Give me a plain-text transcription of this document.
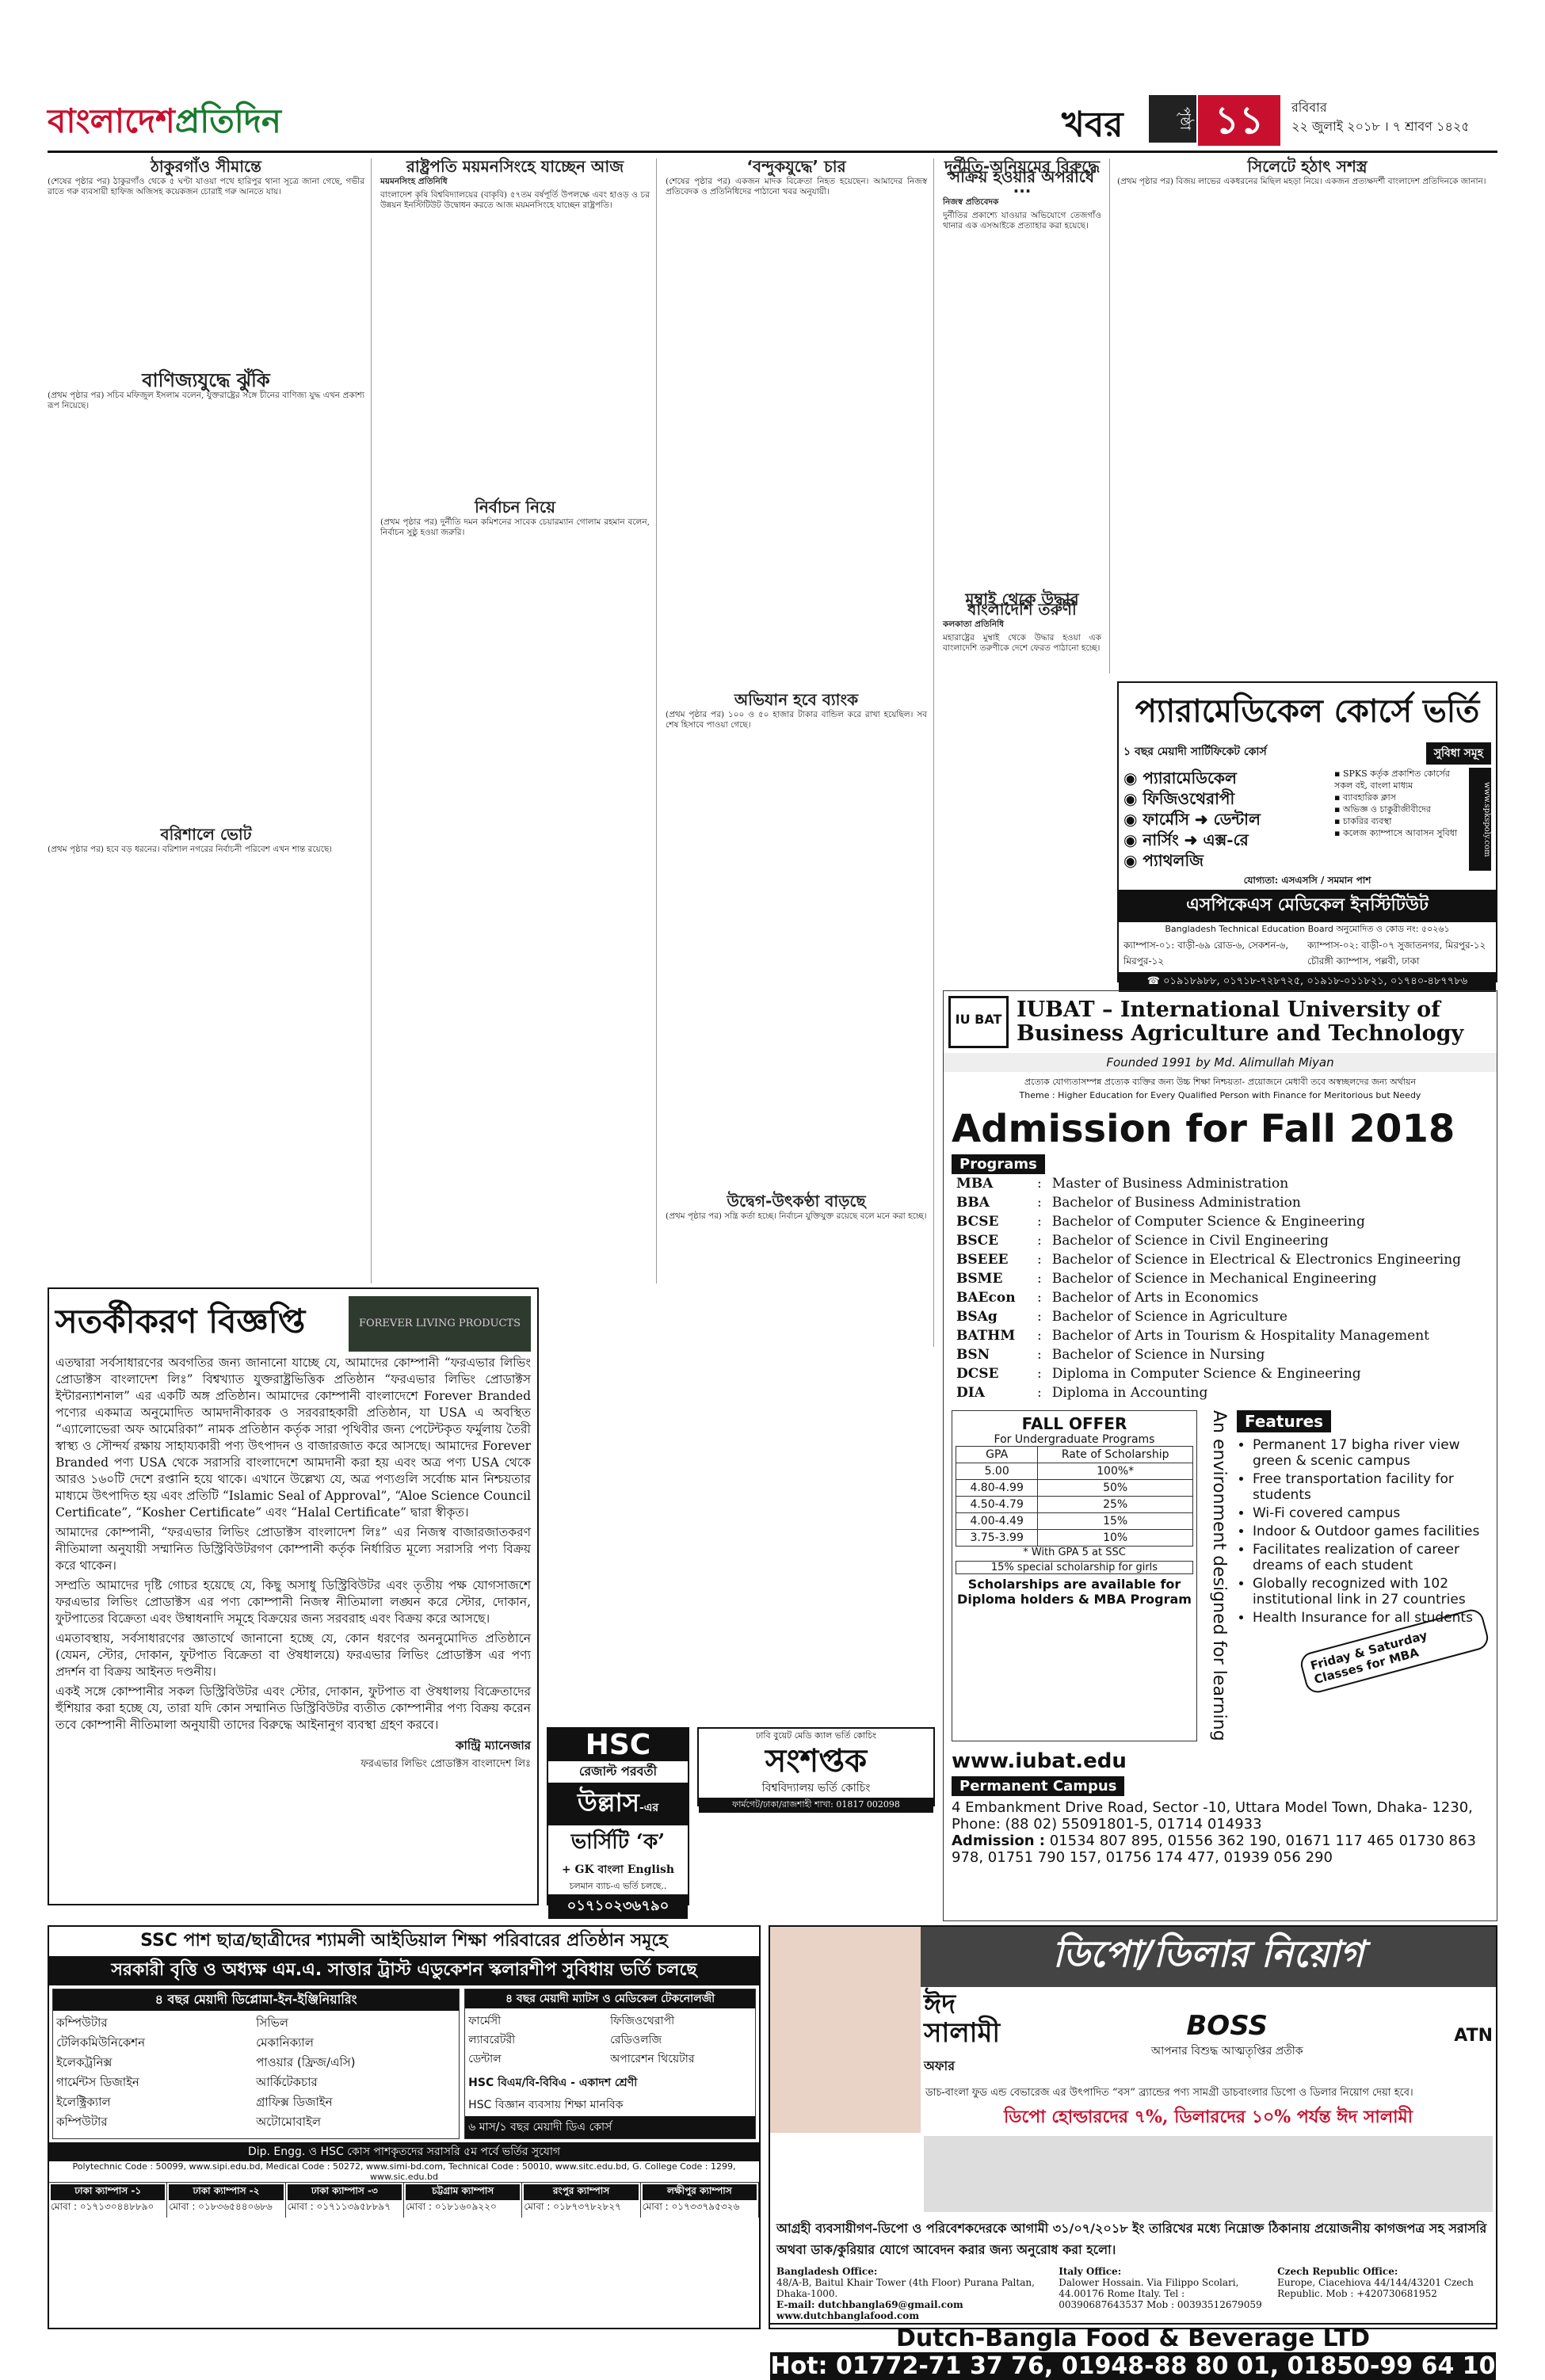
বাংলাদেশপ্রতিদিন	খবর	পৃষ্ঠা ১১	রবিবার
২২ জুলাই ২০১৮ । ৭ শ্রাবণ ১৪২৫
ঠাকুরগাঁও সীমান্তে

(শেষের পৃষ্ঠার পর) ঠাকুরগাঁও থেকে ৫ ঘণ্টা যাওয়া পথে হারিপুর থানা সূত্রে জানা গেছে, গভীর রাতে গরু ব্যবসায়ী হাফিজ অজিসহ কয়েকজন চোরাই গরু আনতে যায়।

বাণিজ্যযুদ্ধে ঝুঁকি

(প্রথম পৃষ্ঠার পর) সচিব মফিজুল ইসলাম বলেন, যুক্তরাষ্ট্রের সঙ্গে চীনের বাণিজ্য যুদ্ধ এখন প্রকাশ্য রূপ নিয়েছে।

বরিশালে ভোট

(প্রথম পৃষ্ঠার পর) হবে বড় ধরনের। বরিশাল নগরের নির্বাচনী পরিবেশ এখন শান্ত রয়েছে।

রাষ্ট্রপতি ময়মনসিংহে যাচ্ছেন আজ

ময়মনসিংহ প্রতিনিধি

বাংলাদেশ কৃষি বিশ্ববিদ্যালয়ের (বাকৃবি) ৫৭তম বর্ষপূর্তি উপলক্ষে এবং হাওড় ও চর উন্নয়ন ইনস্টিটিউট উদ্বোধন করতে আজ ময়মনসিংহে যাচ্ছেন রাষ্ট্রপতি।

নির্বাচন নিয়ে

(প্রথম পৃষ্ঠার পর) দুর্নীতি দমন কমিশনের সাবেক চেয়ারম্যান গোলাম রহমান বলেন, নির্বাচন সুষ্ঠু হওয়া জরুরি।

‘বন্দুকযুদ্ধে’ চার

(শেষের পৃষ্ঠার পর) একজন মাদক বিক্রেতা নিহত হয়েছেন। আমাদের নিজস্ব প্রতিবেদক ও প্রতিনিধিদের পাঠানো খবর অনুযায়ী।

অভিযান হবে ব্যাংক

(প্রথম পৃষ্ঠার পর) ১০০ ও ৫০ হাজার টাকার বান্ডিল করে রাখা হয়েছিল। সব শেষ হিসাবে পাওয়া গেছে।

উদ্বেগ-উৎকণ্ঠা বাড়ছে

(প্রথম পৃষ্ঠার পর) সন্ত্রি কর্তা হচ্ছে। নির্বাচন যুক্তিযুক্ত রয়েছে বলে মনে করা হচ্ছে।

দুর্নীতি-অনিয়মের বিরুদ্ধে সক্রিয় হওয়ার অপরাধে ...

নিজস্ব প্রতিবেদক

দুর্নীতির প্রকাশ্যে যাওয়ার অভিযোগে তেজগাঁও থানার এক এসআইকে প্রত্যাহার করা হয়েছে।

মুম্বাই থেকে উদ্ধার বাংলাদেশি তরুণী

কলকাতা প্রতিনিধি

মহারাষ্ট্রের মুম্বাই থেকে উদ্ধার হওয়া এক বাংলাদেশি তরুণীকে দেশে ফেরত পাঠানো হচ্ছে।

সিলেটে হঠাৎ সশস্ত্র

(প্রথম পৃষ্ঠার পর) বিজয় লাভের একধরনের মিছিল মহড়া নিয়ে। একজন প্রত্যক্ষদর্শী বাংলাদেশ প্রতিদিনকে জানান।

প্যারামেডিকেল কোর্সে ভর্তি
১ বছর মেয়াদী সার্টিফিকেট কোর্স	সুবিধা সমূহ
◉ প্যারামেডিকেল
◉ ফিজিওথেরাপী
◉ ফার্মেসি ➜ ডেন্টাল
◉ নার্সিং ➜ এক্স-রে
◉ প্যাথলজি
▪ SPKS কর্তৃক প্রকাশিত কোর্সের সকল বই, বাংলা মাধ্যম
▪ ব্যাবহারিক ক্লাস
▪ অভিজ্ঞ ও চাকুরীজীবীদের
▪ চাকরির ব্যবস্থা
▪ কলেজ ক্যাম্পাসে আবাসন সুবিধা	www.spkspoly.com
যোগ্যতা: এসএসসি / সমমান পাশ
এসপিকেএস মেডিকেল ইনস্টিটিউট
Bangladesh Technical Education Board অনুমোদিত ও কোড নং: ৫০২৬১
ক্যাম্পাস-০১: বাড়ী-৬৯ রোড-৬, সেকশন-৬, মিরপুর-১২
ক্যাম্পাস-০২: বাড়ী-০৭ সুজাতনগর, মিরপুর-১২ চৌরঙ্গী ক্যাম্পাস, পল্লবী, ঢাকা
☎ ০১৯১৮৯৮৮, ০১৭১৮-৭২৮৭২৫, ০১৯১৮-০১১৮২১, ০১৭৪০-৪৮৭৭৮৬
IU BAT IUBAT – International University of Business Agriculture and Technology
Founded 1991 by Md. Alimullah Miyan
প্রত্যেক যোগ্যতাসম্পন্ন প্রত্যেক ব্যক্তির জন্য উচ্চ শিক্ষা নিশ্চয়তা- প্রয়োজনে মেধাবী তবে অস্বচ্ছলদের জন্য অর্থায়ন
Theme : Higher Education for Every Qualified Person with Finance for Meritorious but Needy
Admission for Fall 2018
Programs
MBA	:	Master of Business Administration
BBA	:	Bachelor of Business Administration
BCSE	:	Bachelor of Computer Science & Engineering
BSCE	:	Bachelor of Science in Civil Engineering
BSEEE	:	Bachelor of Science in Electrical & Electronics Engineering
BSME	:	Bachelor of Science in Mechanical Engineering
BAEcon	:	Bachelor of Arts in Economics
BSAg	:	Bachelor of Science in Agriculture
BATHM	:	Bachelor of Arts in Tourism & Hospitality Management
BSN	:	Bachelor of Science in Nursing
DCSE	:	Diploma in Computer Science & Engineering
DIA	:	Diploma in Accounting
FALL OFFER
For Undergraduate Programs
GPA	Rate of Scholarship
5.00	100%*
4.80-4.99	50%
4.50-4.79	25%
4.00-4.49	15%
3.75-3.99	10%
* With GPA 5 at SSC
15% special scholarship for girls
Scholarships are available for Diploma holders & MBA Program An environment designed for learning	Features
• Permanent 17 bigha river view green & scenic campus
• Free transportation facility for students
• Wi-Fi covered campus
• Indoor & Outdoor games facilities
• Facilitates realization of career dreams of each student
• Globally recognized with 102 institutional link in 27 countries
• Health Insurance for all students
Friday & Saturday Classes for MBA
www.iubat.edu
Permanent Campus
4 Embankment Drive Road, Sector -10, Uttara Model Town, Dhaka- 1230, Phone: (88 02) 55091801-5, 01714 014933
Admission : 01534 807 895, 01556 362 190, 01671 117 465 01730 863 978, 01751 790 157, 01756 174 477, 01939 056 290
সতর্কীকরণ বিজ্ঞপ্তি	FOREVER LIVING PRODUCTS

এতদ্বারা সর্বসাধারণের অবগতির জন্য জানানো যাচ্ছে যে, আমাদের কোম্পানী “ফরএভার লিভিং প্রোডাক্টস বাংলাদেশ লিঃ” বিশ্বখ্যাত যুক্তরাষ্ট্রভিত্তিক প্রতিষ্ঠান “ফরএভার লিভিং প্রোডাক্টস ইন্টারন্যাশনাল” এর একটি অঙ্গ প্রতিষ্ঠান। আমাদের কোম্পানী বাংলাদেশে Forever Branded পণ্যের একমাত্র অনুমোদিত আমদানীকারক ও সরবরাহকারী প্রতিষ্ঠান, যা USA এ অবস্থিত “এ্যালোভেরা অফ আমেরিকা” নামক প্রতিষ্ঠান কর্তৃক সারা পৃথিবীর জন্য পেটেন্টকৃত ফর্মুলায় তৈরী স্বাস্থ্য ও সৌন্দর্য রক্ষায় সাহায্যকারী পণ্য উৎপাদন ও বাজারজাত করে আসছে। আমাদের Forever Branded পণ্য USA থেকে সরাসরি বাংলাদেশে আমদানী করা হয় এবং অত্র পণ্য USA থেকে আরও ১৬০টি দেশে রপ্তানি হয়ে থাকে। এখানে উল্লেখ্য যে, অত্র পণ্যগুলি সর্বোচ্চ মান নিশ্চয়তার মাধ্যমে উৎপাদিত হয় এবং প্রতিটি “Islamic Seal of Approval”, “Aloe Science Council Certificate”, “Kosher Certificate” এবং “Halal Certificate” দ্বারা স্বীকৃত।

আমাদের কোম্পানী, “ফরএভার লিভিং প্রোডাক্টস বাংলাদেশ লিঃ” এর নিজস্ব বাজারজাতকরণ নীতিমালা অনুযায়ী সম্মানিত ডিস্ট্রিবিউটরগণ কোম্পানী কর্তৃক নির্ধারিত মূল্যে সরাসরি পণ্য বিক্রয় করে থাকেন।

সম্প্রতি আমাদের দৃষ্টি গোচর হয়েছে যে, কিছু অসাধু ডিস্ট্রিবিউটর এবং তৃতীয় পক্ষ যোগসাজশে ফরএভার লিভিং প্রোডাক্টস এর পণ্য কোম্পানী নিজস্ব নীতিমালা লঙ্ঘন করে স্টোর, দোকান, ফুটপাতের বিক্রেতা এবং উম্বাধনাদি সমূহে বিক্রয়ের জন্য সরবরাহ এবং বিক্রয় করে আসছে।

এমতাবস্থায়, সর্বসাধারণের জ্ঞাতার্থে জানানো হচ্ছে যে, কোন ধরণের অননুমোদিত প্রতিষ্ঠানে (যেমন, স্টোর, দোকান, ফুটপাত বিক্রেতা বা ঔষধালয়ে) ফরএভার লিভিং প্রোডাক্টস এর পণ্য প্রদর্শন বা বিক্রয় আইনত দণ্ডনীয়।

একই সঙ্গে কোম্পানীর সকল ডিস্ট্রিবিউটর এবং স্টোর, দোকান, ফুটপাত বা ঔষধালয় বিক্রেতাদের হুঁশিয়ার করা হচ্ছে যে, তারা যদি কোন সম্মানিত ডিস্ট্রিবিউটর ব্যতীত কোম্পানীর পণ্য বিক্রয় করেন তবে কোম্পানী নীতিমালা অনুযায়ী তাদের বিরুদ্ধে আইনানুগ ব্যবস্থা গ্রহণ করবে।

কান্ট্রি ম্যানেজার
ফরএভার লিভিং প্রোডাক্টস বাংলাদেশ লিঃ
HSC
রেজাল্ট পরবর্তী
উল্লাস-এর
ভার্সিটি ‘ক’
+ GK বাংলা English
চলমান ব্যাচ-এ ভর্তি চলছে..
০১৭১০২৩৬৭৯০
ঢাবি বুয়েট মেডি ক্যাল ভর্তি কোচিং
সংশপ্তক
বিশ্ববিদ্যালয় ভর্তি কোচিং
ফার্মগেট/ঢাকা/রাজশাহী শাখা: 01817 002098
ডিপো/ডিলার নিয়োগ
ঈদ
সালামী
অফার
BOSS
আপনার বিশুদ্ধ আত্মতৃপ্তির প্রতীক
ATN
ডাচ-বাংলা ফুড এন্ড বেভারেজ এর উৎপাদিত “বস” ব্র্যান্ডের পণ্য সামগ্রী ডাচবাংলার ডিপো ও ডিলার নিয়োগ দেয়া হবে।
ডিপো হোল্ডারদের ৭%, ডিলারদের ১০% পর্যন্ত ঈদ সালামী
আগ্রহী ব্যবসায়ীগণ-ডিপো ও পরিবেশকদেরকে আগামী ৩১/০৭/২০১৮ ইং তারিখের মধ্যে নিম্নোক্ত ঠিকানায় প্রয়োজনীয় কাগজপত্র সহ সরাসরি অথবা ডাক/কুরিয়ার যোগে আবেদন করার জন্য অনুরোধ করা হলো।
Bangladesh Office:
48/A-B, Baitul Khair Tower (4th Floor) Purana Paltan, Dhaka-1000.
E-mail: dutchbangla69@gmail.com
www.dutchbanglafood.com
Italy Office:
Dalower Hossain. Via Filippo Scolari, 44.00176 Rome Italy. Tel : 00390687643537 Mob : 00393512679059
Czech Republic Office:
Europe, Ciacehiova 44/144/43201 Czech Republic. Mob : +420730681952
Dutch-Bangla Food & Beverage LTD
Hot: 01772-71 37 76, 01948-88 80 01, 01850-99 64 10
SSC পাশ ছাত্র/ছাত্রীদের শ্যামলী আইডিয়াল শিক্ষা পরিবারের প্রতিষ্ঠান সমূহে
সরকারী বৃত্তি ও অধ্যক্ষ এম.এ. সাত্তার ট্রাস্ট এডুকেশন স্কলারশীপ সুবিধায় ভর্তি চলছে
৪ বছর মেয়াদী ডিপ্লোমা-ইন-ইঞ্জিনিয়ারিং
কম্পিউটার	সিভিল
টেলিকমিউনিকেশন	মেকানিক্যাল
ইলেকট্রনিক্স	পাওয়ার (ফ্রিজ/এসি)
গার্মেন্টস ডিজাইন	আর্কিটেকচার
ইলেক্ট্রিক্যাল	গ্রাফিক্স ডিজাইন
কম্পিউটার	অটোমোবাইল
৪ বছর মেয়াদী ম্যাটস ও মেডিকেল টেকনোলজী
ফার্মেসী	ফিজিওথেরাপী
ল্যাবরেটরী	রেডিওলজি
ডেন্টাল	অপারেশন থিয়েটার
HSC বিএম/বি-বিবিএ - একাদশ শ্রেণী
HSC বিজ্ঞান ব্যবসায় শিক্ষা মানবিক
৬ মাস/১ বছর মেয়াদী ডিএ কোর্স
Dip. Engg. ও HSC কোস পাশকৃতদের সরাসরি ৫ম পর্বে ভর্তির সুযোগ
Polytechnic Code : 50099, www.sipi.edu.bd, Medical Code : 50272, www.simi-bd.com, Technical Code : 50010, www.sitc.edu.bd, G. College Code : 1299, www.sic.edu.bd
ঢাকা ক্যাম্পাস -১
মোবা : ০১৭১৩০৪৪৮৮৯০
ঢাকা ক্যাম্পাস -২
মোবা : ০১৮৩৬৫৪৪০৬৮৬
ঢাকা ক্যাম্পাস -৩
মোবা : ০১৭১১৩৯৫৮৮৯৭
চট্টগ্রাম ক্যাম্পাস
মোবা : ০১৮১৬০৯২২০
রংপুর ক্যাম্পাস
মোবা : ০১৮৭৩৭৮২৮২৭
লক্ষীপুর ক্যাম্পাস
মোবা : ০১৭৩৩৭৯৫৩২৬
